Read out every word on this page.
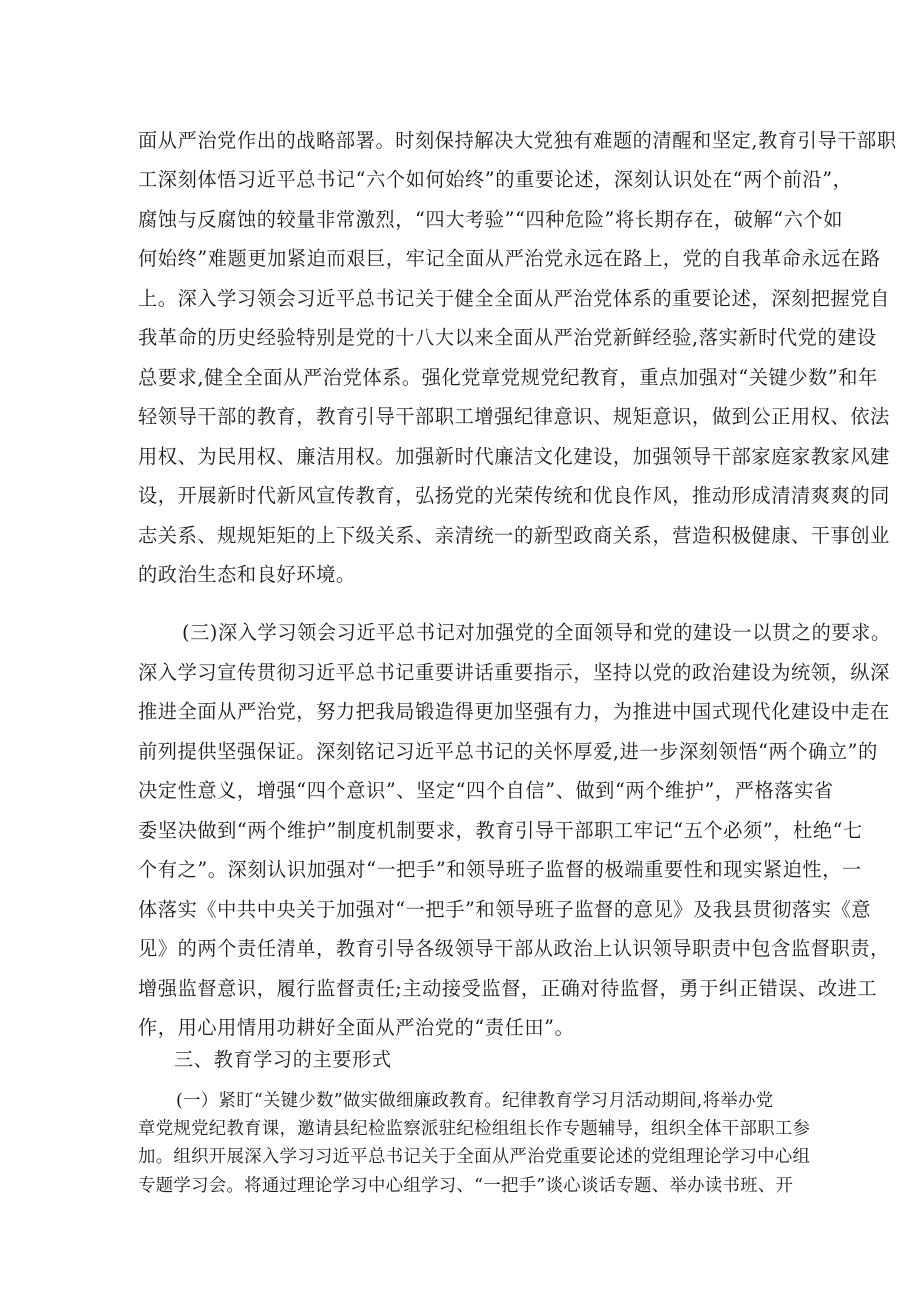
面从严治党作出的战略部署。时刻保持解决大党独有难题的清醒和坚定,教育引导干部职
工深刻体悟习近平总书记“六个如何始终”的重要论述，深刻认识处在“两个前沿”，
腐蚀与反腐蚀的较量非常激烈，“四大考验”“四种危险”将长期存在，破解“六个如
何始终”难题更加紧迫而艰巨，牢记全面从严治党永远在路上，党的自我革命永远在路
上。深入学习领会习近平总书记关于健全全面从严治党体系的重要论述，深刻把握党自
我革命的历史经验特别是党的十八大以来全面从严治党新鲜经验,落实新时代党的建设
总要求,健全全面从严治党体系。强化党章党规党纪教育，重点加强对“关键少数”和年
轻领导干部的教育，教育引导干部职工增强纪律意识、规矩意识，做到公正用权、依法
用权、为民用权、廉洁用权。加强新时代廉洁文化建设，加强领导干部家庭家教家风建
设，开展新时代新风宣传教育，弘扬党的光荣传统和优良作风，推动形成清清爽爽的同
志关系、规规矩矩的上下级关系、亲清统一的新型政商关系，营造积极健康、干事创业
的政治生态和良好环境。
(三)深入学习领会习近平总书记对加强党的全面领导和党的建设一以贯之的要求。
深入学习宣传贯彻习近平总书记重要讲话重要指示，坚持以党的政治建设为统领，纵深
推进全面从严治党，努力把我局锻造得更加坚强有力，为推进中国式现代化建设中走在
前列提供坚强保证。深刻铭记习近平总书记的关怀厚爱,进一步深刻领悟“两个确立”的
决定性意义，增强“四个意识”、坚定“四个自信”、做到“两个维护”，严格落实省
委坚决做到“两个维护”制度机制要求，教育引导干部职工牢记“五个必须”，杜绝“七
个有之”。深刻认识加强对“一把手”和领导班子监督的极端重要性和现实紧迫性，一
体落实《中共中央关于加强对“一把手”和领导班子监督的意见》及我县贯彻落实《意
见》的两个责任清单，教育引导各级领导干部从政治上认识领导职责中包含监督职责，
增强监督意识，履行监督责任;主动接受监督，正确对待监督，勇于纠正错误、改进工
作，用心用情用功耕好全面从严治党的“责任田”。
三、教育学习的主要形式
(一）紧盯“关键少数”做实做细廉政教育。纪律教育学习月活动期间,将举办党
章党规党纪教育课，邀请县纪检监察派驻纪检组组长作专题辅导，组织全体干部职工参
加。组织开展深入学习习近平总书记关于全面从严治党重要论述的党组理论学习中心组
专题学习会。将通过理论学习中心组学习、“一把手”谈心谈话专题、举办读书班、开
